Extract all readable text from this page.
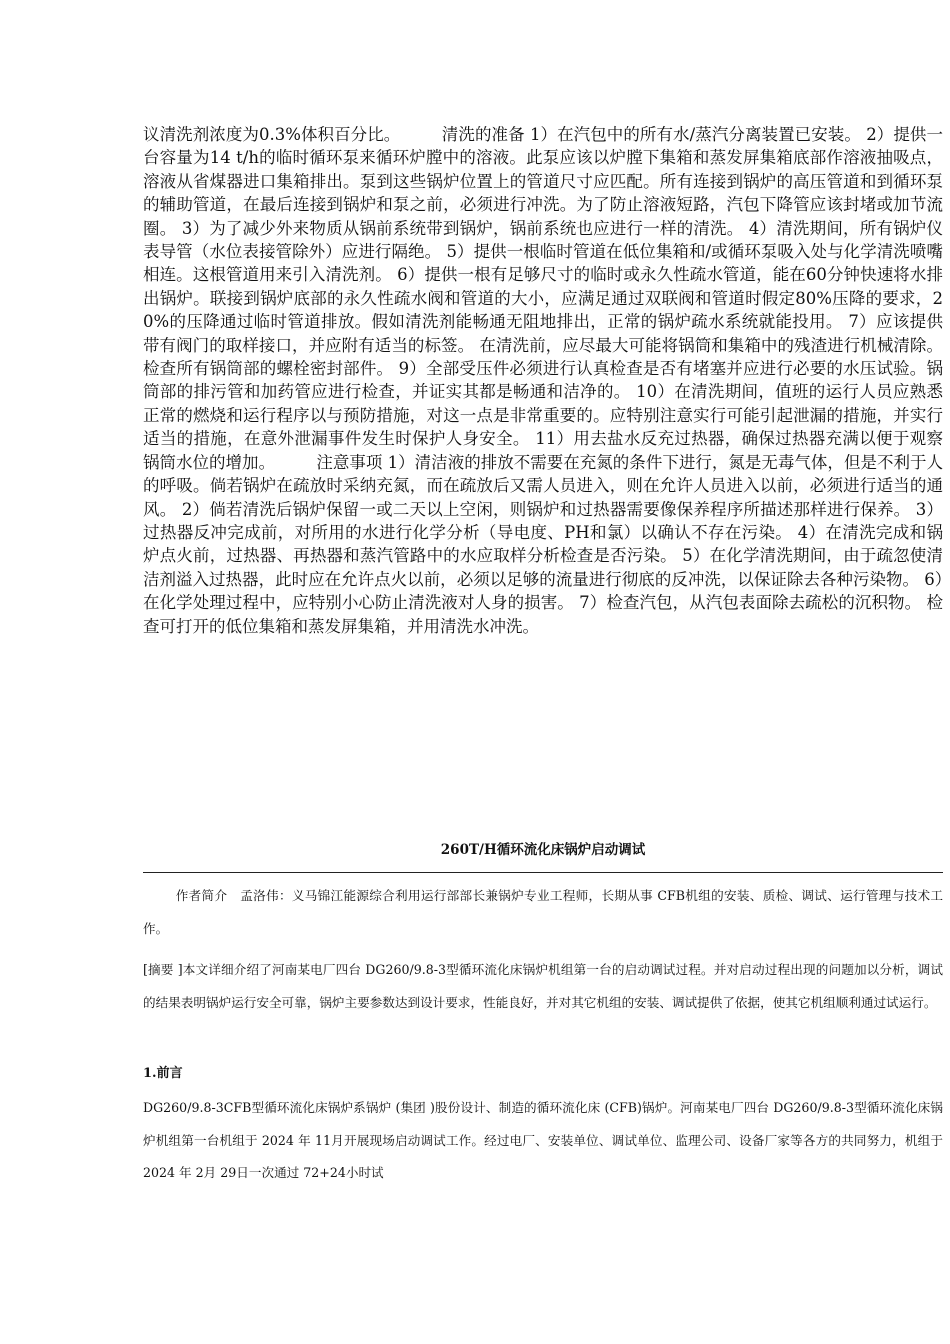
议清洗剂浓度为0.3%体积百分比。　　　清洗的准备 1）在汽包中的所有水/蒸汽分离装置已安装。 2）提供一台容量为14 t/h的临时循环泵来循环炉膛中的溶液。此泵应该以炉膛下集箱和蒸发屏集箱底部作溶液抽吸点，溶液从省煤器进口集箱排出。泵到这些锅炉位置上的管道尺寸应匹配。所有连接到锅炉的高压管道和到循环泵的辅助管道，在最后连接到锅炉和泵之前，必须进行冲洗。为了防止溶液短路，汽包下降管应该封堵或加节流圈。 3）为了减少外来物质从锅前系统带到锅炉，锅前系统也应进行一样的清洗。 4）清洗期间，所有锅炉仪表导管（水位表接管除外）应进行隔绝。 5）提供一根临时管道在低位集箱和/或循环泵吸入处与化学清洗喷嘴相连。这根管道用来引入清洗剂。 6）提供一根有足够尺寸的临时或永久性疏水管道，能在60分钟快速将水排出锅炉。联接到锅炉底部的永久性疏水阀和管道的大小，应满足通过双联阀和管道时假定80%压降的要求，20%的压降通过临时管道排放。假如清洗剂能畅通无阻地排出，正常的锅炉疏水系统就能投用。 7）应该提供带有阀门的取样接口，并应附有适当的标签。 在清洗前，应尽最大可能将锅筒和集箱中的残渣进行机械清除。检查所有锅筒部的螺栓密封部件。 9）全部受压件必须进行认真检查是否有堵塞并应进行必要的水压试验。锅筒部的排污管和加药管应进行检查，并证实其都是畅通和洁净的。 10）在清洗期间，值班的运行人员应熟悉正常的燃烧和运行程序以与预防措施，对这一点是非常重要的。应特别注意实行可能引起泄漏的措施，并实行适当的措施，在意外泄漏事件发生时保护人身安全。 11）用去盐水反充过热器，确保过热器充满以便于观察锅筒水位的增加。　　　注意事项 1）清洁液的排放不需要在充氮的条件下进行，氮是无毒气体，但是不利于人的呼吸。倘若锅炉在疏放时采纳充氮，而在疏放后又需人员进入，则在允许人员进入以前，必须进行适当的通风。 2）倘若清洗后锅炉保留一或二天以上空闲，则锅炉和过热器需要像保养程序所描述那样进行保养。 3）过热器反冲完成前，对所用的水进行化学分析（导电度、PH和氯）以确认不存在污染。 4）在清洗完成和锅炉点火前，过热器、再热器和蒸汽管路中的水应取样分析检查是否污染。 5）在化学清洗期间，由于疏忽使清洁剂溢入过热器，此时应在允许点火以前，必须以足够的流量进行彻底的反冲洗，以保证除去各种污染物。 6）在化学处理过程中，应特别小心防止清洗液对人身的损害。 7）检查汽包，从汽包表面除去疏松的沉积物。 检查可打开的低位集箱和蒸发屏集箱，并用清洗水冲洗。

260T/H循环流化床锅炉启动调试

作者简介　孟洛伟：义马锦江能源综合利用运行部部长兼锅炉专业工程师，长期从事 CFB机组的安装、质检、调试、运行管理与技术工作。

[摘要 ]本文详细介绍了河南某电厂四台 DG260/9.8-3型循环流化床锅炉机组第一台的启动调试过程。并对启动过程出现的问题加以分析，调试的结果表明锅炉运行安全可靠，锅炉主要参数达到设计要求，性能良好，并对其它机组的安装、调试提供了依据，使其它机组顺利通过试运行。

1.前言

DG260/9.8-3CFB型循环流化床锅炉系锅炉 (集团 )股份设计、制造的循环流化床 (CFB)锅炉。河南某电厂四台 DG260/9.8-3型循环流化床锅炉机组第一台机组于 2024 年 11月开展现场启动调试工作。经过电厂、安装单位、调试单位、监理公司、设备厂家等各方的共同努力，机组于 2024 年 2月 29日一次通过 72+24小时试
